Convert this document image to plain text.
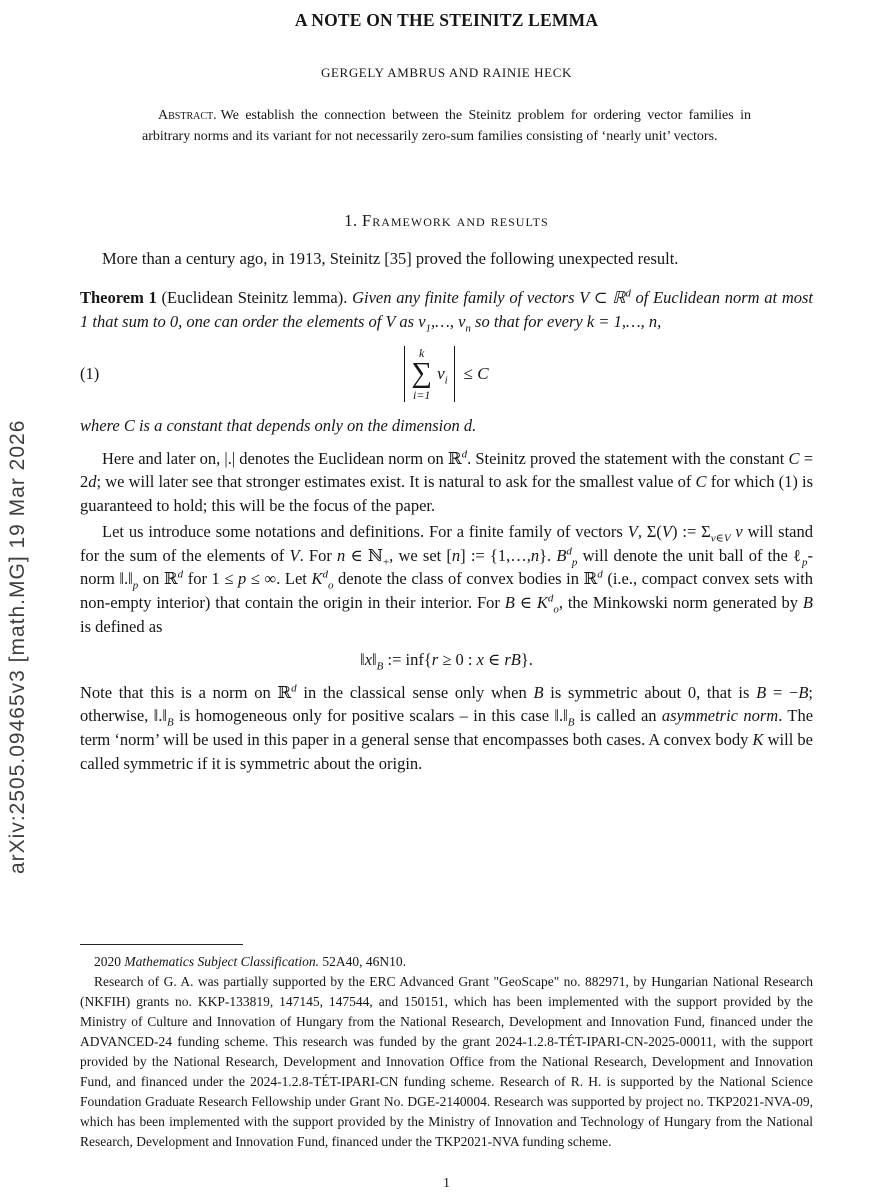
arXiv:2505.09465v3 [math.MG] 19 Mar 2026
A NOTE ON THE STEINITZ LEMMA
GERGELY AMBRUS AND RAINIE HECK
Abstract. We establish the connection between the Steinitz problem for ordering vector families in arbitrary norms and its variant for not necessarily zero-sum families consisting of ‘nearly unit’ vectors.
1. Framework and results

More than a century ago, in 1913, Steinitz [35] proved the following unexpected result.

Theorem 1 (Euclidean Steinitz lemma). Given any finite family of vectors V ⊂ ℝ$^d$ of Euclidean norm at most 1 that sum to 0, one can order the elements of V as $v_1,\dots$, $v_n$ so that for every k = 1,…, n,

(1)
k
∑
i=1
$v_i \le C$

where C is a constant that depends only on the dimension d.

Here and later on, |.| denotes the Euclidean norm on ℝ$^d$. Steinitz proved the statement with the constant C = 2d; we will later see that stronger estimates exist. It is natural to ask for the smallest value of C for which (1) is guaranteed to hold; this will be the focus of the paper.

Let us introduce some notations and definitions. For a finite family of vectors V, Σ(V) := $\Sigma_{v\in V}$ v will stand for the sum of the elements of V. For n ∈ ℕ$_+$, we set [n] := {1,…,n}. $B^d_p$ will denote the unit ball of the ℓ$_p$-norm $‖.‖_p$ on ℝ$^d$ for 1 ≤ p ≤ ∞. Let $K^d_o$ denote the class of convex bodies in ℝ$^d$ (i.e., compact convex sets with non-empty interior) that contain the origin in their interior. For B ∈ $K^d_o$, the Minkowski norm generated by B is defined as

$‖x‖_B$ := inf{r ≥ 0 : x ∈ rB}.

Note that this is a norm on ℝ$^d$ in the classical sense only when B is symmetric about 0, that is B = −B; otherwise, $‖.‖_B$ is homogeneous only for positive scalars – in this case $‖.‖_B$ is called an asymmetric norm. The term ‘norm’ will be used in this paper in a general sense that encompasses both cases. A convex body K will be called symmetric if it is symmetric about the origin.

2020 Mathematics Subject Classification. 52A40, 46N10.

Research of G. A. was partially supported by the ERC Advanced Grant "GeoScape" no. 882971, by Hungarian National Research (NKFIH) grants no. KKP-133819, 147145, 147544, and 150151, which has been implemented with the support provided by the Ministry of Culture and Innovation of Hungary from the National Research, Development and Innovation Fund, financed under the ADVANCED-24 funding scheme. This research was funded by the grant 2024-1.2.8-TÉT-IPARI-CN-2025-00011, with the support provided by the National Research, Development and Innovation Office from the National Research, Development and Innovation Fund, and financed under the 2024-1.2.8-TÉT-IPARI-CN funding scheme. Research of R. H. is supported by the National Science Foundation Graduate Research Fellowship under Grant No. DGE-2140004. Research was supported by project no. TKP2021-NVA-09, which has been implemented with the support provided by the Ministry of Innovation and Technology of Hungary from the National Research, Development and Innovation Fund, financed under the TKP2021-NVA funding scheme.

1
